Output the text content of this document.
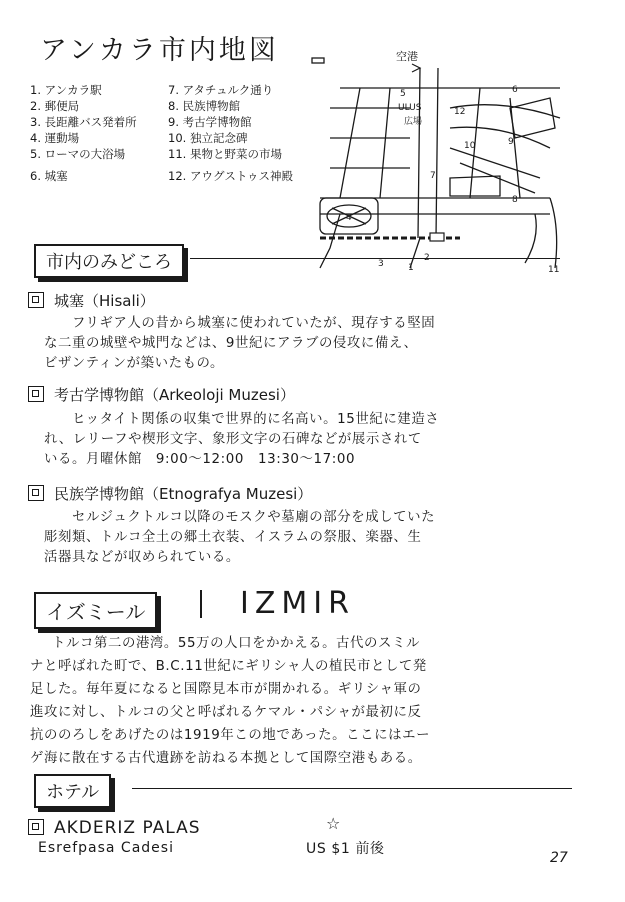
アンカラ市内地図
1. アンカラ駅
2. 郵便局
3. 長距離バス発着所
4. 運動場
5. ローマの大浴場
6. 城塞
7. アタチュルク通り
8. 民族博物館
9. 考古学博物館
10. 独立記念碑
11. 果物と野菜の市場
12. アウグストゥス神殿
1
2
3
4
5	6
7
8
9
10
11
12
ULUS
広場
空港
市内のみどころ
城塞（Hisali）
フリギア人の昔から城塞に使われていたが、現存する堅固
な二重の城壁や城門などは、9世紀にアラブの侵攻に備え、
ビザンティンが築いたもの。
考古学博物館（Arkeoloji Muzesi）
ヒッタイト関係の収集で世界的に名高い。15世紀に建造さ
れ、レリーフや楔形文字、象形文字の石碑などが展示されて
いる。月曜休館　9:00～12:00　13:30～17:00
民族学博物館（Etnografya Muzesi）
セルジュクトルコ以降のモスクや墓廟の部分を成していた
彫刻類、トルコ全土の郷土衣装、イスラムの祭服、楽器、生
活器具などが収められている。
イズミール	IZMIR
トルコ第二の港湾。55万の人口をかかえる。古代のスミル
ナと呼ばれた町で、B.C.11世紀にギリシャ人の植民市として発
足した。毎年夏になると国際見本市が開かれる。ギリシャ軍の
進攻に対し、トルコの父と呼ばれるケマル・パシャが最初に反
抗ののろしをあげたのは1919年この地であった。ここにはエー
ゲ海に散在する古代遺跡を訪ねる本拠として国際空港もある。
ホテル
AKDERIZ PALAS	☆
Esrefpasa Cadesi	US $1 前後
27
